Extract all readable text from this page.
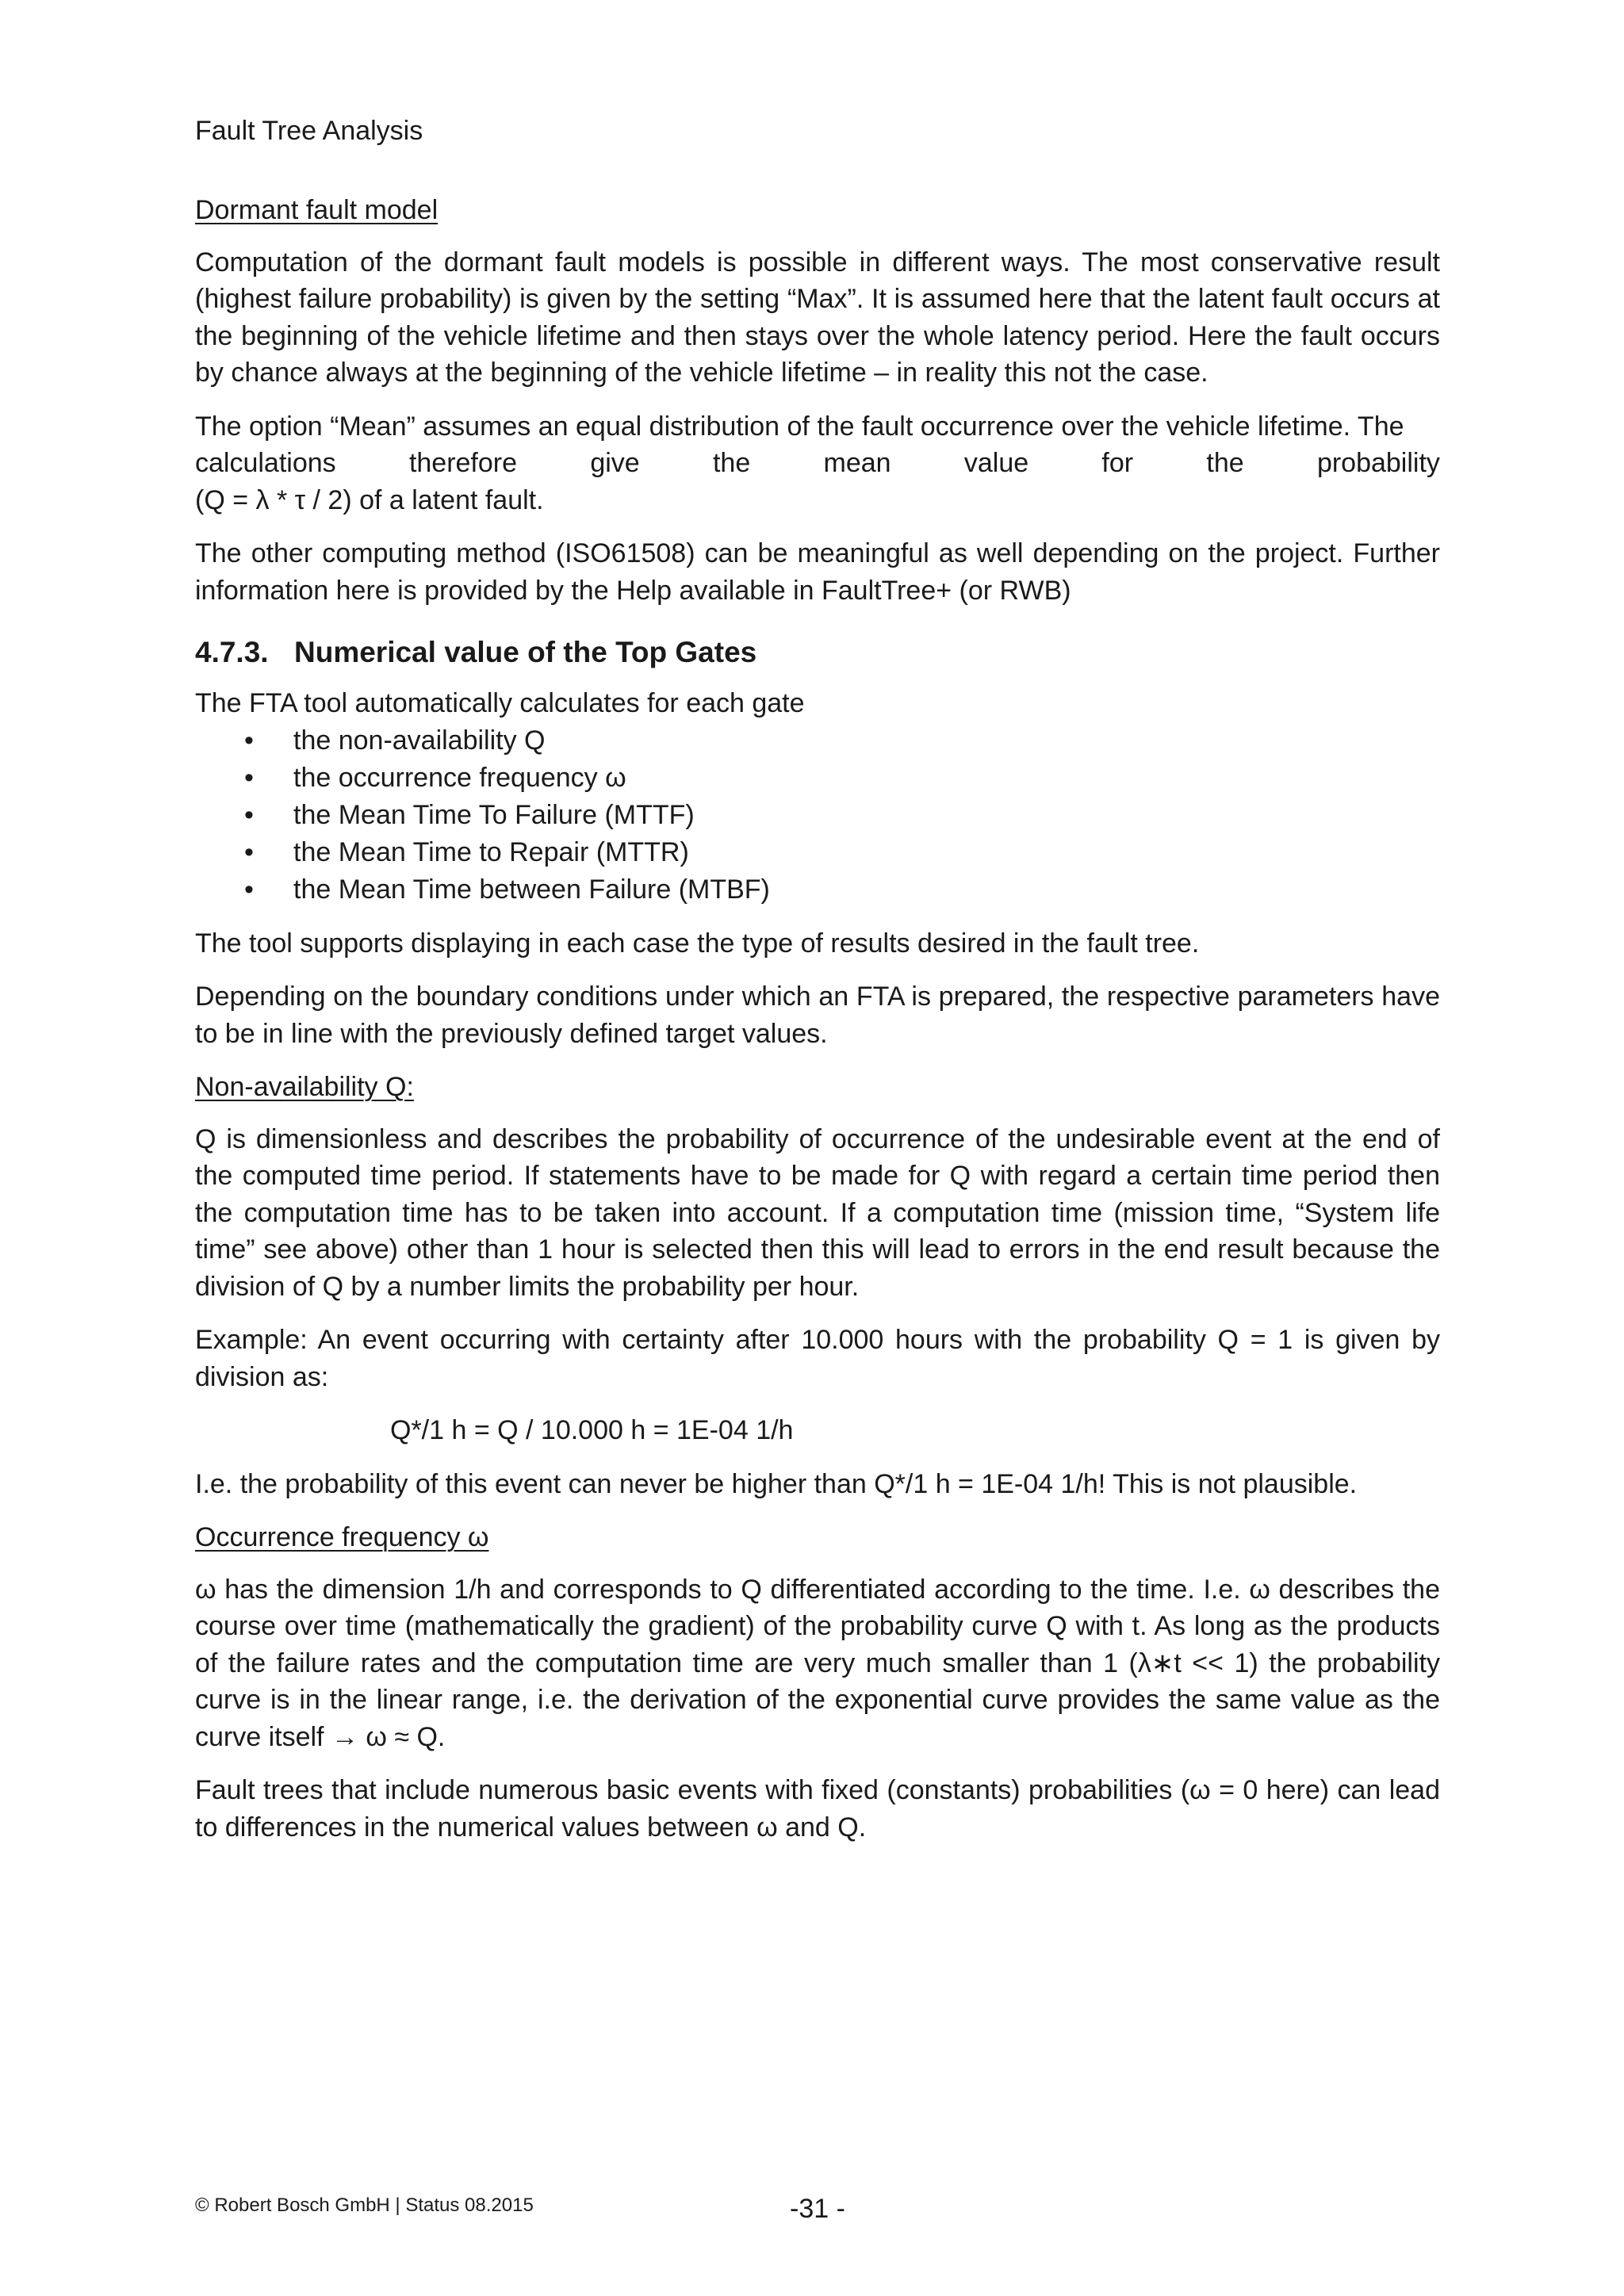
Fault Tree Analysis
Dormant fault model

Computation of the dormant fault models is possible in different ways. The most conservative result (highest failure probability) is given by the setting “Max”. It is assumed here that the latent fault occurs at the beginning of the vehicle lifetime and then stays over the whole latency period. Here the fault occurs by chance always at the beginning of the vehicle lifetime – in reality this not the case.

The option “Mean” assumes an equal distribution of the fault occurrence over the vehicle lifetime. The
calculations	therefore	give	the	mean	value	for	the	probability
(Q = λ * τ / 2) of a latent fault.

The other computing method (ISO61508) can be meaningful as well depending on the project. Further information here is provided by the Help available in FaultTree+ (or RWB)

4.7.3. Numerical value of the Top Gates
The FTA tool automatically calculates for each gate
• the non-availability Q
• the occurrence frequency ω
• the Mean Time To Failure (MTTF)
• the Mean Time to Repair (MTTR)
• the Mean Time between Failure (MTBF)

The tool supports displaying in each case the type of results desired in the fault tree.

Depending on the boundary conditions under which an FTA is prepared, the respective parameters have to be in line with the previously defined target values.

Non-availability Q:

Q is dimensionless and describes the probability of occurrence of the undesirable event at the end of the computed time period. If statements have to be made for Q with regard a certain time period then the computation time has to be taken into account. If a computation time (mission time, “System life time” see above) other than 1 hour is selected then this will lead to errors in the end result because the division of Q by a number limits the probability per hour.

Example: An event occurring with certainty after 10.000 hours with the probability Q = 1 is given by division as:

Q*/1 h = Q / 10.000 h = 1E-04 1/h

I.e. the probability of this event can never be higher than Q*/1 h = 1E-04 1/h! This is not plausible.

Occurrence frequency ω

ω has the dimension 1/h and corresponds to Q differentiated according to the time. I.e. ω describes the course over time (mathematically the gradient) of the probability curve Q with t. As long as the products of the failure rates and the computation time are very much smaller than 1 (λ∗t << 1) the probability curve is in the linear range, i.e. the derivation of the exponential curve provides the same value as the curve itself → ω ≈ Q.

Fault trees that include numerous basic events with fixed (constants) probabilities (ω = 0 here) can lead to differences in the numerical values between ω and Q.

© Robert Bosch GmbH | Status 08.2015	-31 -
